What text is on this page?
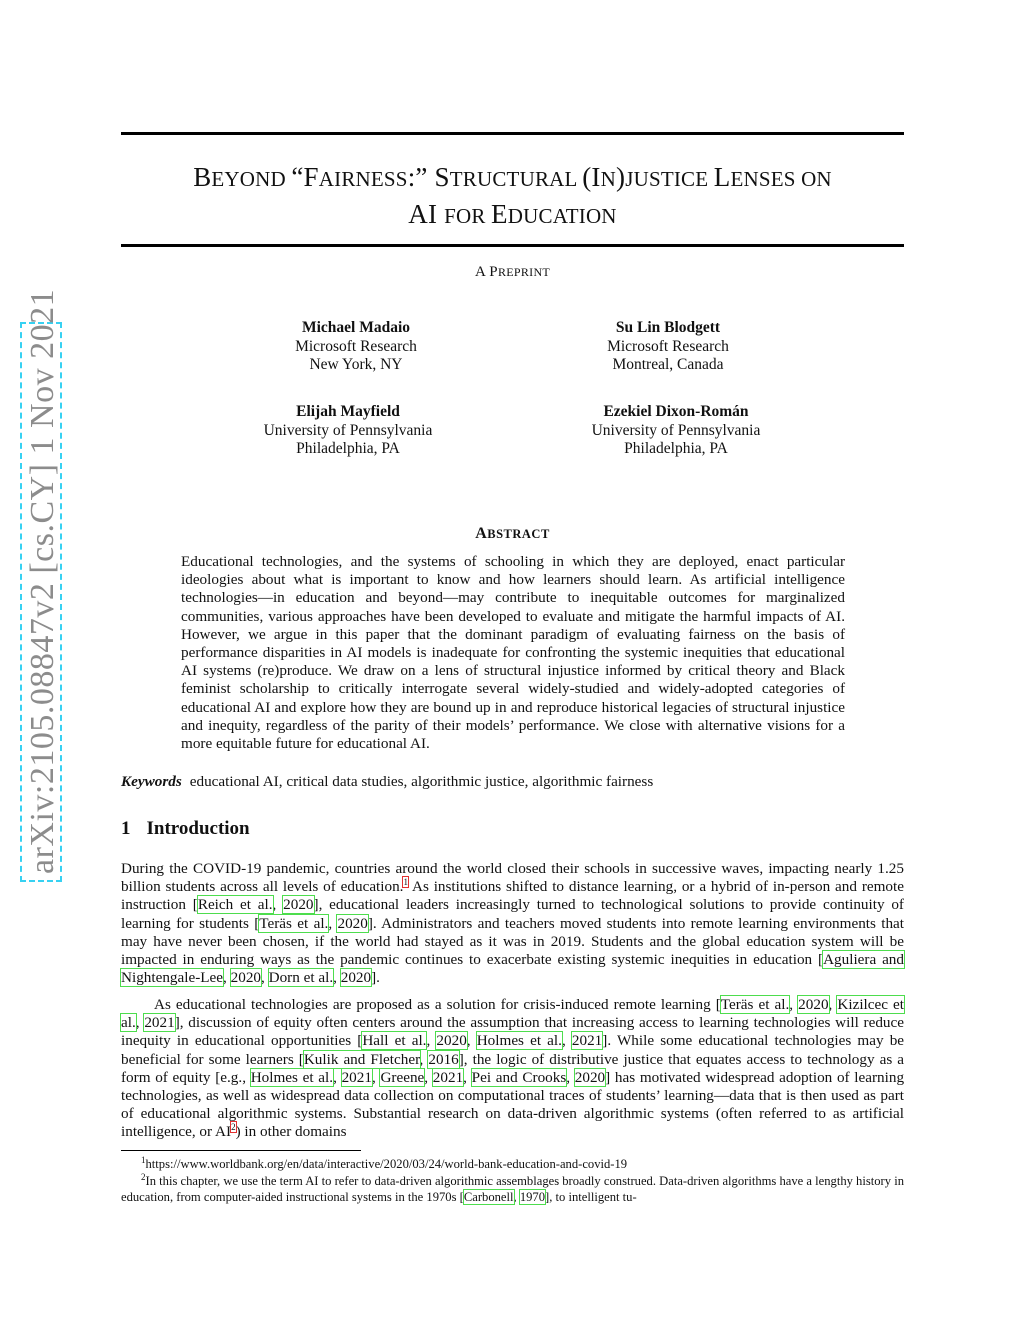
arXiv:2105.08847v2 [cs.CY] 1 Nov 2021
BEYOND “FAIRNESS:” STRUCTURAL (IN)JUSTICE LENSES ON
AI FOR EDUCATION
A PREPRINT
Michael Madaio
Microsoft Research
New York, NY
Su Lin Blodgett
Microsoft Research
Montreal, Canada
Elijah Mayfield
University of Pennsylvania
Philadelphia, PA
Ezekiel Dixon-Román
University of Pennsylvania
Philadelphia, PA
ABSTRACT
Educational technologies, and the systems of schooling in which they are deployed, enact particular ideologies about what is important to know and how learners should learn. As artificial intelligence technologies—in education and beyond—may contribute to inequitable outcomes for marginalized communities, various approaches have been developed to evaluate and mitigate the harmful impacts of AI. However, we argue in this paper that the dominant paradigm of evaluating fairness on the basis of performance disparities in AI models is inadequate for confronting the systemic inequities that educational AI systems (re)produce. We draw on a lens of structural injustice informed by critical theory and Black feminist scholarship to critically interrogate several widely-studied and widely-adopted categories of educational AI and explore how they are bound up in and reproduce historical legacies of structural injustice and inequity, regardless of the parity of their models’ performance. We close with alternative visions for a more equitable future for educational AI.
Keywords educational AI, critical data studies, algorithmic justice, algorithmic fairness
1 Introduction
During the COVID-19 pandemic, countries around the world closed their schools in successive waves, impacting nearly 1.25 billion students across all levels of education.$^1$ As institutions shifted to distance learning, or a hybrid of in-person and remote instruction [Reich et al., 2020], educational leaders increasingly turned to technological solutions to provide continuity of learning for students [Teräs et al., 2020]. Administrators and teachers moved students into remote learning environments that may have never been chosen, if the world had stayed as it was in 2019. Students and the global education system will be impacted in enduring ways as the pandemic continues to exacerbate existing systemic inequities in education [Aguliera and Nightengale-Lee, 2020, Dorn et al., 2020].
As educational technologies are proposed as a solution for crisis-induced remote learning [Teräs et al., 2020, Kizilcec et al., 2021], discussion of equity often centers around the assumption that increasing access to learning technologies will reduce inequity in educational opportunities [Hall et al., 2020, Holmes et al., 2021]. While some educational technologies may be beneficial for some learners [Kulik and Fletcher, 2016], the logic of distributive justice that equates access to technology as a form of equity [e.g., Holmes et al., 2021, Greene, 2021, Pei and Crooks, 2020] has motivated widespread adoption of learning technologies, as well as widespread data collection on computational traces of students’ learning—data that is then used as part of educational algorithmic systems. Substantial research on data-driven algorithmic systems (often referred to as artificial intelligence, or AI$^2$) in other domains
$^1$https://www.worldbank.org/en/data/interactive/2020/03/24/world-bank-education-and-covid-19
$^2$In this chapter, we use the term AI to refer to data-driven algorithmic assemblages broadly construed. Data-driven algorithms have a lengthy history in education, from computer-aided instructional systems in the 1970s [Carbonell, 1970], to intelligent tu-
